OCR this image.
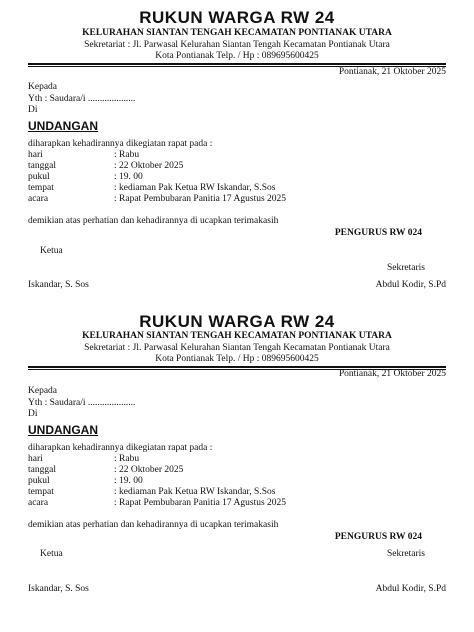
RUKUN WARGA RW 24
KELURAHAN SIANTAN TENGAH KECAMATAN PONTIANAK UTARA
Sekretariat : Jl. Parwasal Kelurahan Siantan Tengah Kecamatan Pontianak Utara
Kota Pontianak Telp. / Hp : 089695600425
Pontianak, 21 Oktober 2025
Kepada
Yth : Saudara/i ....................
Di
UNDANGAN
diharapkan kehadirannya dikegiatan rapat pada :
hari	: Rabu
tanggal	: 22 Oktober 2025
pukul	: 19. 00
tempat	: kediaman Pak Ketua RW Iskandar, S.Sos
acara	: Rapat Pembubaran Panitia 17 Agustus 2025
demikian atas perhatian dan kehadirannya di ucapkan terimakasih
PENGURUS RW 024
Ketua
Sekretaris
Iskandar, S. Sos	Abdul Kodir, S.Pd
RUKUN WARGA RW 24
KELURAHAN SIANTAN TENGAH KECAMATAN PONTIANAK UTARA
Sekretariat : Jl. Parwasal Kelurahan Siantan Tengah Kecamatan Pontianak Utara
Kota Pontianak Telp. / Hp : 089695600425
Pontianak, 21 Oktober 2025
Kepada
Yth : Saudara/i ....................
Di
UNDANGAN
diharapkan kehadirannya dikegiatan rapat pada :
hari	: Rabu
tanggal	: 22 Oktober 2025
pukul	: 19. 00
tempat	: kediaman Pak Ketua RW Iskandar, S.Sos
acara	: Rapat Pembubaran Panitia 17 Agustus 2025
demikian atas perhatian dan kehadirannya di ucapkan terimakasih
PENGURUS RW 024
Ketua	Sekretaris
Iskandar, S. Sos	Abdul Kodir, S.Pd
